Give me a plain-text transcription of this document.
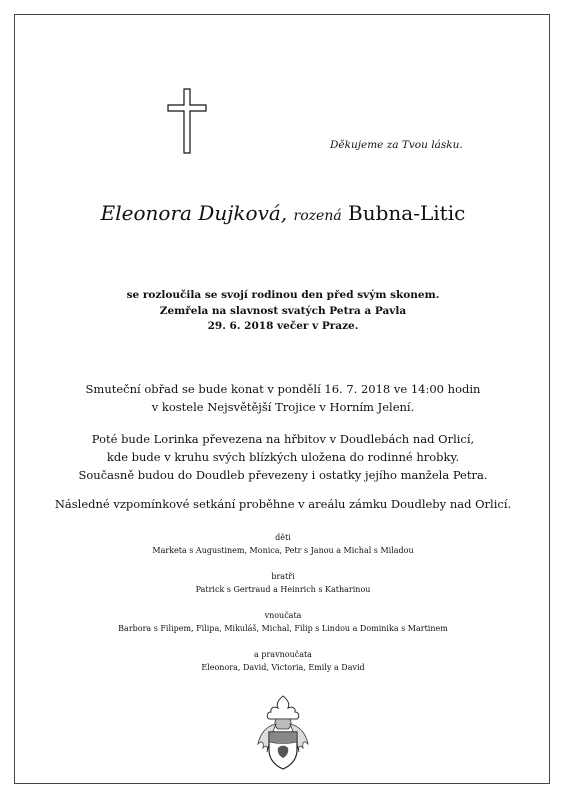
Děkujeme za Tvou lásku.
Eleonora Dujková, rozená Bubna-Litic
se rozloučila se svojí rodinou den před svým skonem.
Zemřela na slavnost svatých Petra a Pavla
29. 6. 2018 večer v Praze.
Smuteční obřad se bude konat v pondělí 16. 7. 2018 ve 14:00 hodin
v kostele Nejsvětější Trojice v Horním Jelení.
Poté bude Lorinka převezena na hřbitov v Doudlebách nad Orlicí,
kde bude v kruhu svých blízkých uložena do rodinné hrobky.
Současně budou do Doudleb převezeny i ostatky jejího manžela Petra.
Následné vzpomínkové setkání proběhne v areálu zámku Doudleby nad Orlicí.
děti
Marketa s Augustinem, Monica, Petr s Janou a Michal s Miladou
bratři
Patrick s Gertraud a Heinrich s Katharinou
vnoučata
Barbora s Filipem, Filipa, Mikuláš, Michal, Filip s Lindou a Dominika s Martinem
a pravnoučata
Eleonora, David, Victoria, Emily a David
